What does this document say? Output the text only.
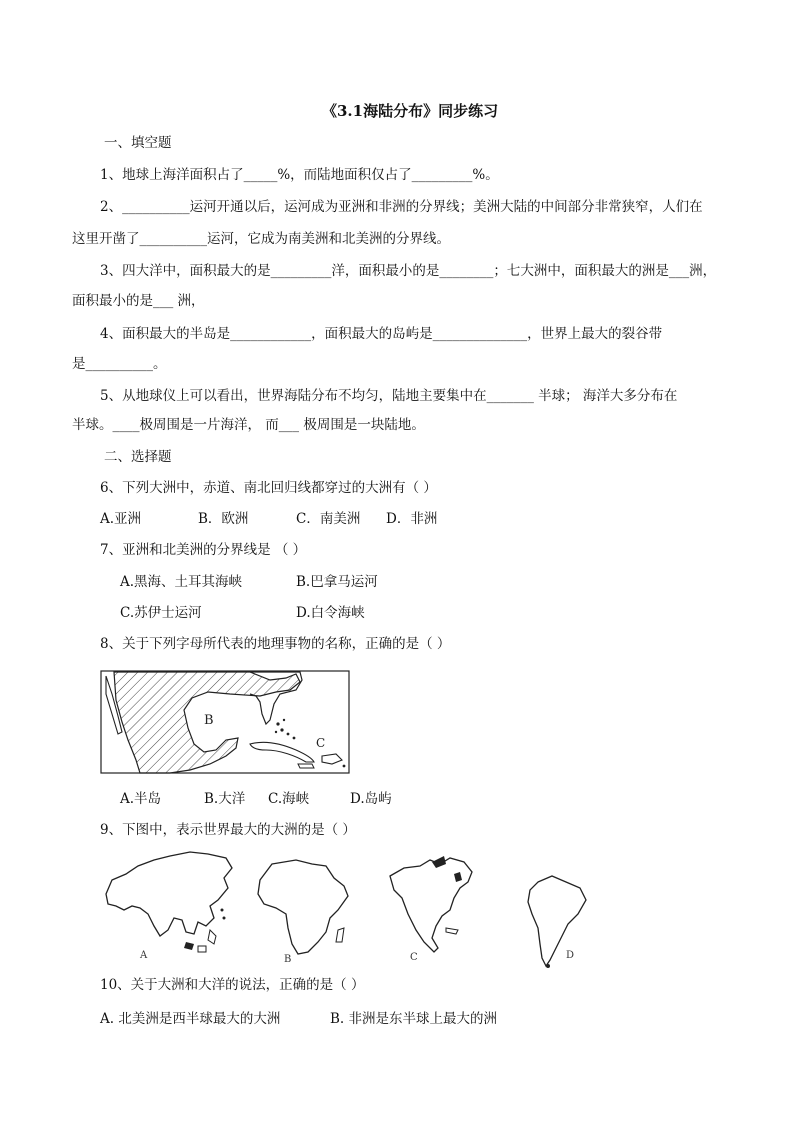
《3.1海陆分布》同步练习
一、填空题
1、地球上海洋面积占了_____%，而陆地面积仅占了_________%。
2、__________运河开通以后，运河成为亚洲和非洲的分界线；美洲大陆的中间部分非常狭窄，人们在
这里开凿了__________运河，它成为南美洲和北美洲的分界线。
3、四大洋中，面积最大的是_________洋，面积最小的是________；七大洲中，面积最大的洲是___洲，
面积最小的是___ 洲，
4、面积最大的半岛是____________，面积最大的岛屿是______________，世界上最大的裂谷带
是__________。
5、从地球仪上可以看出，世界海陆分布不均匀，陆地主要集中在_______ 半球； 海洋大多分布在
半球。____极周围是一片海洋， 而___ 极周围是一块陆地。
二、选择题
6、下列大洲中，赤道、南北回归线都穿过的大洲有（ ）
A.亚洲	B．欧洲	C．南美洲 D．非洲
7、亚洲和北美洲的分界线是 （ ）
A.黑海、土耳其海峡	B.巴拿马运河
C.苏伊士运河	D.白令海峡
8、关于下列字母所代表的地理事物的名称，正确的是（ ）
B
C
A.半岛	B.大洋 C.海峡	D.岛屿
9、下图中，表示世界最大的大洲的是（ ）
A	B	C	D
10、关于大洲和大洋的说法，正确的是（ ）
A. 北美洲是西半球最大的大洲	B. 非洲是东半球上最大的洲
